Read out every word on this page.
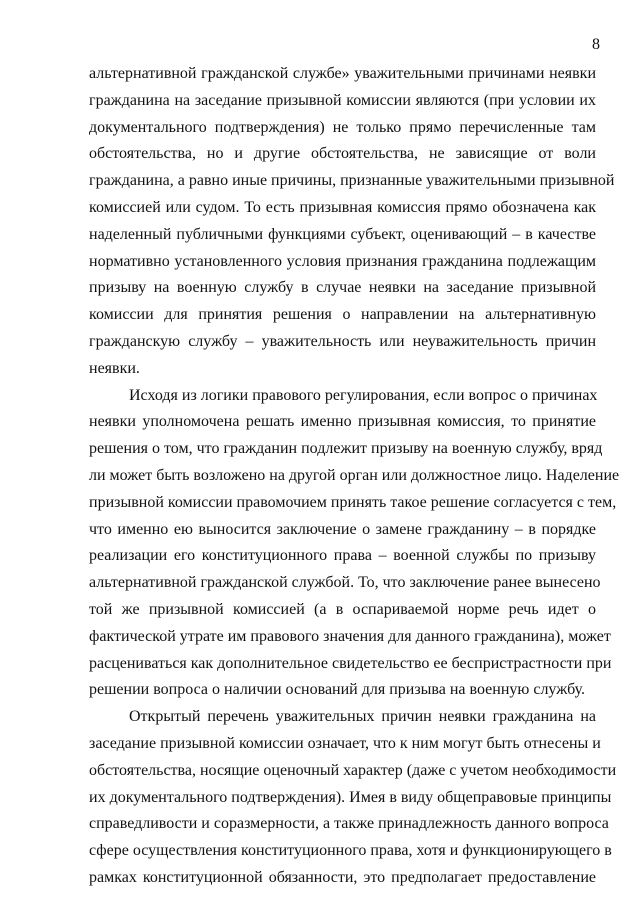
8

альтернативной гражданской службе» уважительными причинами неявки
гражданина на заседание призывной комиссии являются (при условии их
документального подтверждения) не только прямо перечисленные там
обстоятельства, но и другие обстоятельства, не зависящие от воли
гражданина, а равно иные причины, признанные уважительными призывной
комиссией или судом. То есть призывная комиссия прямо обозначена как
наделенный публичными функциями субъект, оценивающий – в качестве
нормативно установленного условия признания гражданина подлежащим
призыву на военную службу в случае неявки на заседание призывной
комиссии для принятия решения о направлении на альтернативную
гражданскую службу – уважительность или неуважительность причин
неявки.

Исходя из логики правового регулирования, если вопрос о причинах
неявки уполномочена решать именно призывная комиссия, то принятие
решения о том, что гражданин подлежит призыву на военную службу, вряд
ли может быть возложено на другой орган или должностное лицо. Наделение
призывной комиссии правомочием принять такое решение согласуется с тем,
что именно ею выносится заключение о замене гражданину – в порядке
реализации его конституционного права – военной службы по призыву
альтернативной гражданской службой. То, что заключение ранее вынесено
той же призывной комиссией (а в оспариваемой норме речь идет о
фактической утрате им правового значения для данного гражданина), может
расцениваться как дополнительное свидетельство ее беспристрастности при
решении вопроса о наличии оснований для призыва на военную службу.

Открытый перечень уважительных причин неявки гражданина на
заседание призывной комиссии означает, что к ним могут быть отнесены и
обстоятельства, носящие оценочный характер (даже с учетом необходимости
их документального подтверждения). Имея в виду общеправовые принципы
справедливости и соразмерности, а также принадлежность данного вопроса
сфере осуществления конституционного права, хотя и функционирующего в
рамках конституционной обязанности, это предполагает предоставление
